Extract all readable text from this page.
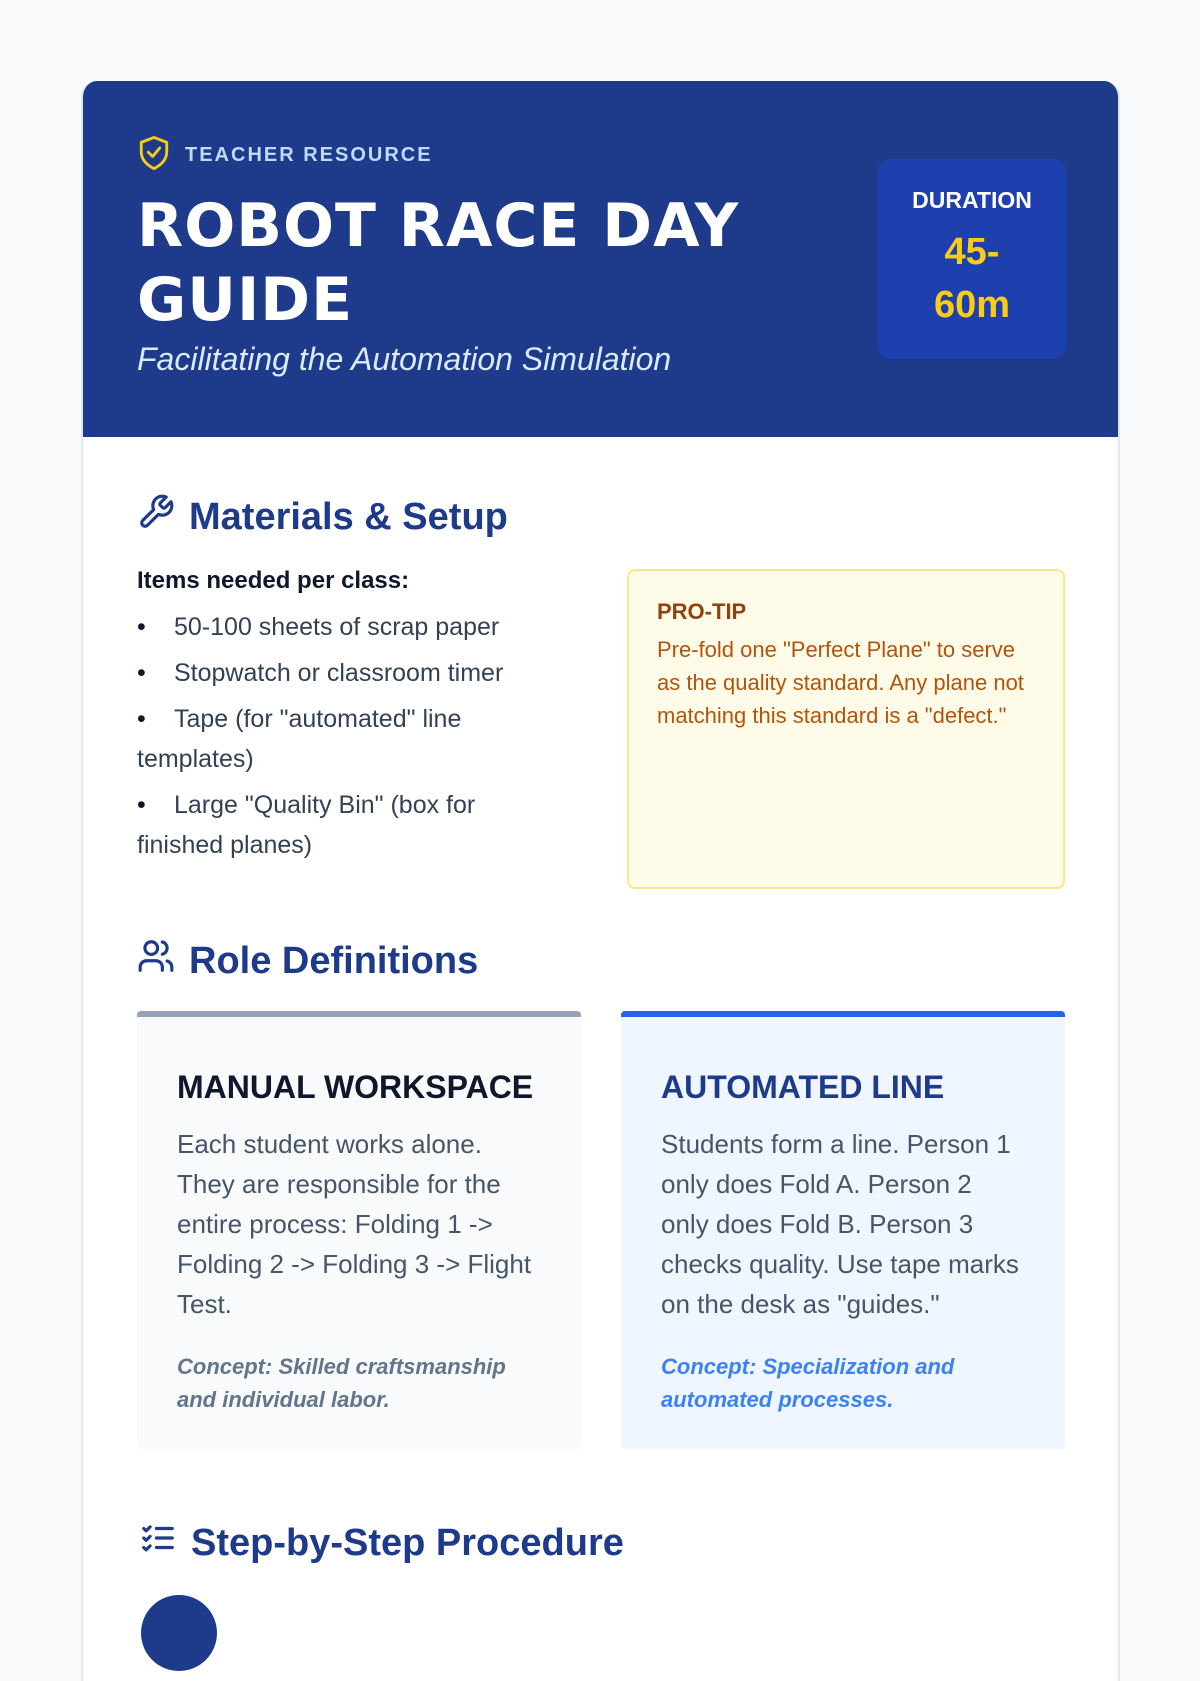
TEACHER RESOURCE
ROBOT RACE DAY GUIDE
Facilitating the Automation Simulation
DURATION
45-
60m
Materials & Setup
Items needed per class:
• 50-100 sheets of scrap paper
• Stopwatch or classroom timer
• Tape (for "automated" line templates)
• Large "Quality Bin" (box for finished planes)
PRO-TIP
Pre-fold one "Perfect Plane" to serve as the quality standard. Any plane not matching this standard is a "defect."
Role Definitions
MANUAL WORKSPACE
Each student works alone. They are responsible for the entire process: Folding 1 -> Folding 2 -> Folding 3 -> Flight Test.
Concept: Skilled craftsmanship and individual labor.
AUTOMATED LINE
Students form a line. Person 1 only does Fold A. Person 2 only does Fold B. Person 3 checks quality. Use tape marks on the desk as "guides."
Concept: Specialization and automated processes.
Step-by-Step Procedure
